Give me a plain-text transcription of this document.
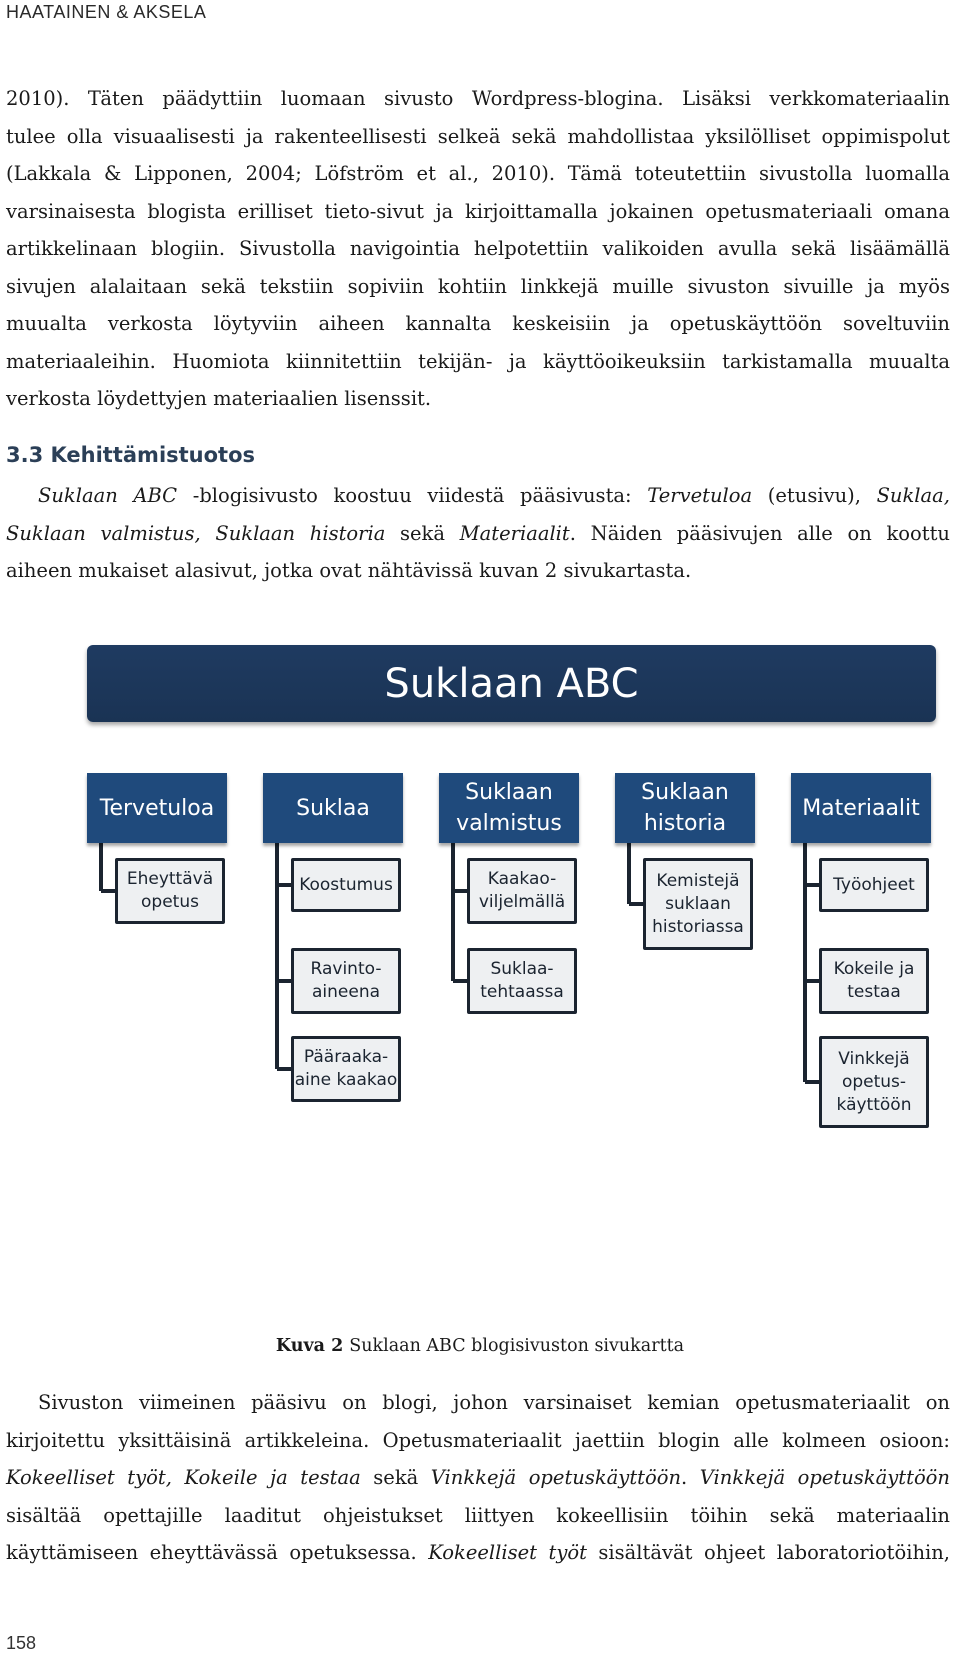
HAATAINEN & AKSELA
2010). Täten päädyttiin luomaan sivusto Wordpress-blogina. Lisäksi verkkomateriaalin
tulee olla visuaalisesti ja rakenteellisesti selkeä sekä mahdollistaa yksilölliset oppimispolut
(Lakkala & Lipponen, 2004; Löfström et al., 2010). Tämä toteutettiin sivustolla luomalla
varsinaisesta blogista erilliset tieto-sivut ja kirjoittamalla jokainen opetusmateriaali omana
artikkelinaan blogiin. Sivustolla navigointia helpotettiin valikoiden avulla sekä lisäämällä
sivujen alalaitaan sekä tekstiin sopiviin kohtiin linkkejä muille sivuston sivuille ja myös
muualta verkosta löytyviin aiheen kannalta keskeisiin ja opetuskäyttöön soveltuviin
materiaaleihin. Huomiota kiinnitettiin tekijän- ja käyttöoikeuksiin tarkistamalla muualta
verkosta löydettyjen materiaalien lisenssit.
3.3 Kehittämistuotos
Suklaan ABC -blogisivusto koostuu viidestä pääsivusta: Tervetuloa (etusivu), Suklaa,
Suklaan valmistus, Suklaan historia sekä Materiaalit. Näiden pääsivujen alle on koottu
aiheen mukaiset alasivut, jotka ovat nähtävissä kuvan 2 sivukartasta.
Suklaan ABC
Tervetuloa
Eheyttävä
opetus
Suklaa
Koostumus
Ravinto-
aineena
Pääraaka-
aine kaakao
Suklaan
valmistus
Kaakao-
viljelmällä
Suklaa-
tehtaassa
Suklaan
historia
Kemistejä
suklaan
historiassa
Materiaalit
Työohjeet
Kokeile ja
testaa
Vinkkejä
opetus-
käyttöön
Kuva 2 Suklaan ABC blogisivuston sivukartta
Sivuston viimeinen pääsivu on blogi, johon varsinaiset kemian opetusmateriaalit on
kirjoitettu yksittäisinä artikkeleina. Opetusmateriaalit jaettiin blogin alle kolmeen osioon:
Kokeelliset työt, Kokeile ja testaa sekä Vinkkejä opetuskäyttöön. Vinkkejä opetuskäyttöön
sisältää opettajille laaditut ohjeistukset liittyen kokeellisiin töihin sekä materiaalin
käyttämiseen eheyttävässä opetuksessa. Kokeelliset työt sisältävät ohjeet laboratoriotöihin,
158
